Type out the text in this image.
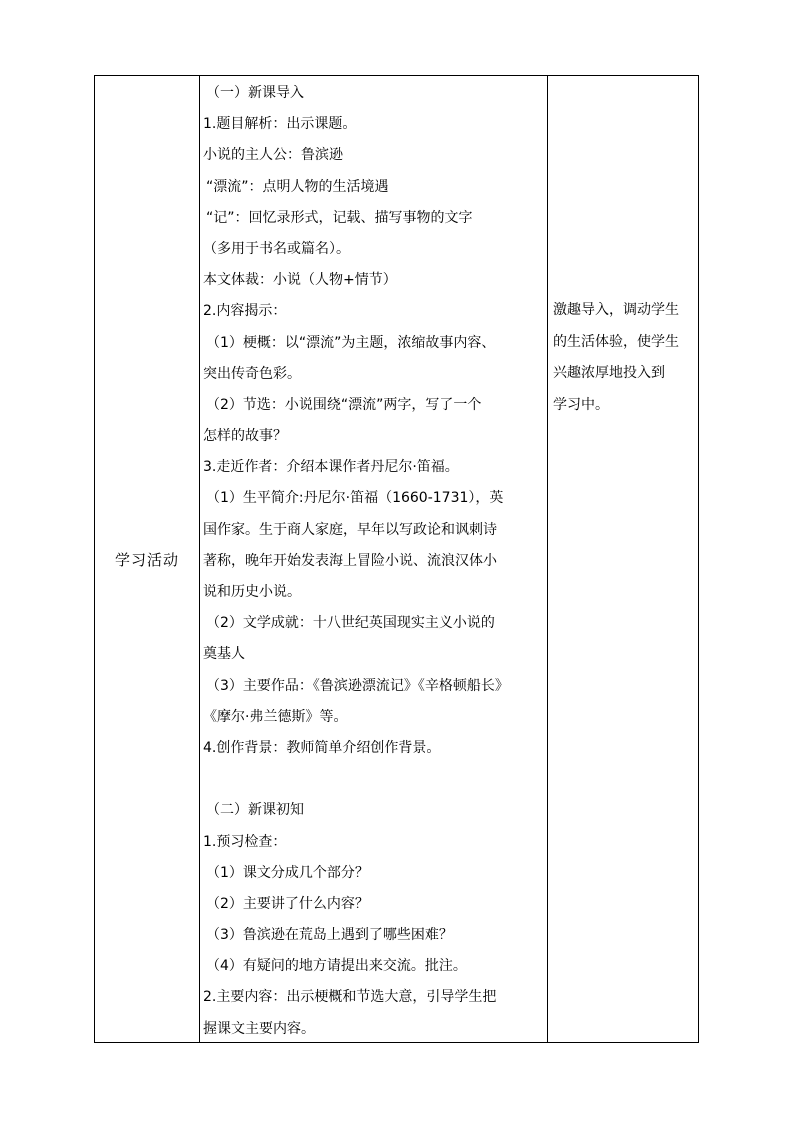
学习活动
（一）新课导入
1.题目解析：出示课题。
小说的主人公：鲁滨逊
“漂流”：点明人物的生活境遇
“记”：回忆录形式，记载、描写事物的文字
（多用于书名或篇名）。
本文体裁：小说（人物+情节）
2.内容揭示：
（1）梗概：以“漂流”为主题，浓缩故事内容、
突出传奇色彩。
（2）节选：小说围绕“漂流”两字，写了一个
怎样的故事？
3.走近作者：介绍本课作者丹尼尔·笛福。
（1）生平简介:丹尼尔·笛福（1660-1731），英
国作家。生于商人家庭，早年以写政论和讽刺诗
著称，晚年开始发表海上冒险小说、流浪汉体小
说和历史小说。
（2）文学成就：十八世纪英国现实主义小说的
奠基人
（3）主要作品：《鲁滨逊漂流记》《辛格顿船长》
《摩尔·弗兰德斯》等。
4.创作背景：教师简单介绍创作背景。
（二）新课初知
1.预习检查：
（1）课文分成几个部分？
（2）主要讲了什么内容？
（3）鲁滨逊在荒岛上遇到了哪些困难？
（4）有疑问的地方请提出来交流。批注。
2.主要内容：出示梗概和节选大意，引导学生把
握课文主要内容。
激趣导入，调动学生
的生活体验，使学生
兴趣浓厚地投入到
学习中。
